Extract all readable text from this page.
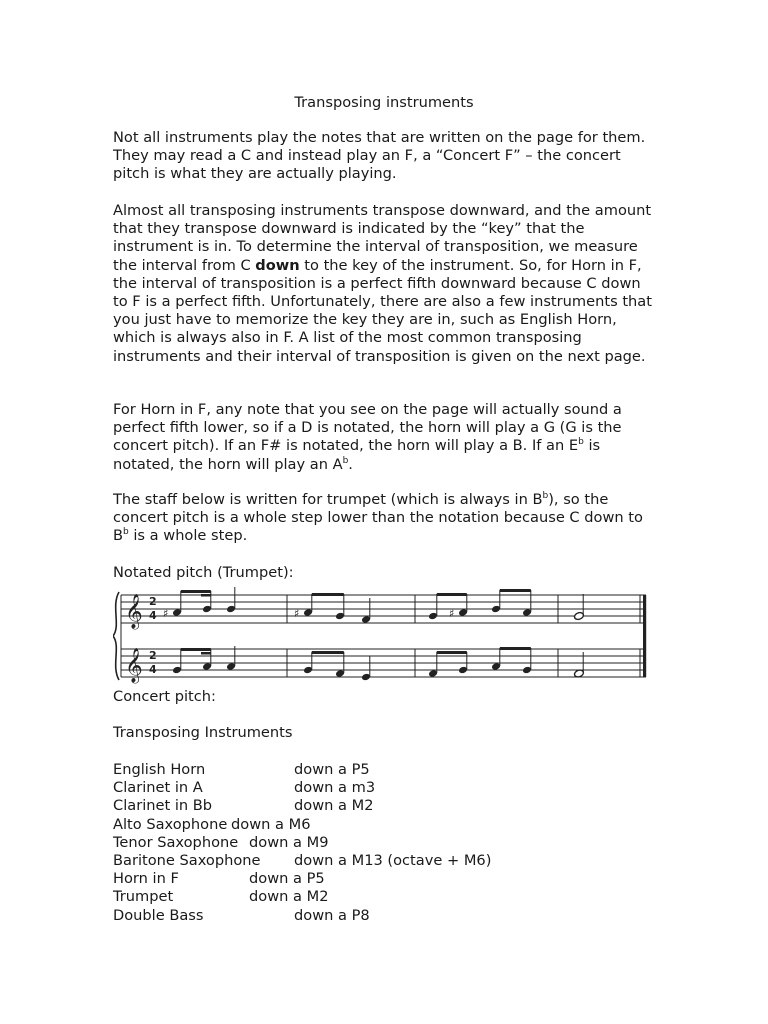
Transposing instruments
Not all instruments play the notes that are written on the page for them. They may read a C and instead play an F, a “Concert F” – the concert pitch is what they are actually playing.
Almost all transposing instruments transpose downward, and the amount that they transpose downward is indicated by the “key” that the instrument is in. To determine the interval of transposition, we measure the interval from C down to the key of the instrument. So, for Horn in F, the interval of transposition is a perfect fifth downward because C down to F is a perfect fifth. Unfortunately, there are also a few instruments that you just have to memorize the key they are in, such as English Horn, which is always also in F. A list of the most common transposing instruments and their interval of transposition is given on the next page.
For Horn in F, any note that you see on the page will actually sound a perfect fifth lower, so if a D is notated, the horn will play a G (G is the concert pitch). If an F# is notated, the horn will play a B. If an $E^b$ is notated, the horn will play an $A^b$.
The staff below is written for trumpet (which is always in $B^b$), so the concert pitch is a whole step lower than the notation because C down to $B^b$ is a whole step.
Notated pitch (Trumpet):
𝄞
𝄞
2
4
2
4
♯	♯	♯
Concert pitch:
Transposing Instruments
English Horn	down a P5
Clarinet in A	down a m3
Clarinet in Bb	down a M2
Alto Saxophone down a M6
Tenor Saxophone down a M9
Baritone Saxophone down a M13 (octave + M6)
Horn in F	down a P5
Trumpet	down a M2
Double Bass	down a P8
